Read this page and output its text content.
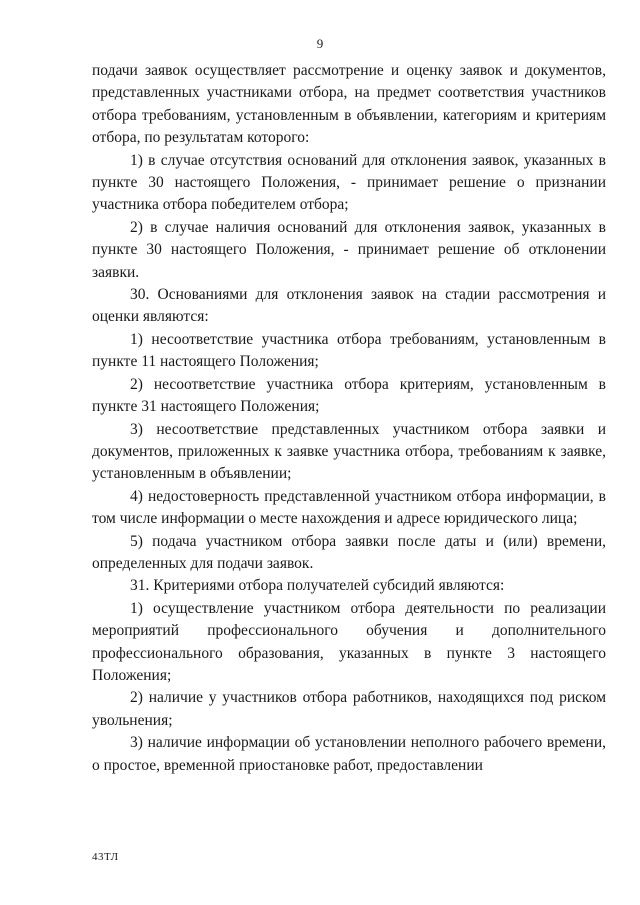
9

подачи заявок осуществляет рассмотрение и оценку заявок и документов, представленных участниками отбора, на предмет соответствия участников отбора требованиям, установленным в объявлении, категориям и критериям отбора, по результатам которого:

1) в случае отсутствия оснований для отклонения заявок, указанных в пункте 30 настоящего Положения, - принимает решение о признании участника отбора победителем отбора;

2) в случае наличия оснований для отклонения заявок, указанных в пункте 30 настоящего Положения, - принимает решение об отклонении заявки.

30. Основаниями для отклонения заявок на стадии рассмотрения и оценки являются:

1) несоответствие участника отбора требованиям, установленным в пункте 11 настоящего Положения;

2) несоответствие участника отбора критериям, установленным в пункте 31 настоящего Положения;

3) несоответствие представленных участником отбора заявки и документов, приложенных к заявке участника отбора, требованиям к заявке, установленным в объявлении;

4) недостоверность представленной участником отбора информации, в том числе информации о месте нахождения и адресе юридического лица;

5) подача участником отбора заявки после даты и (или) времени, определенных для подачи заявок.

31. Критериями отбора получателей субсидий являются:

1) осуществление участником отбора деятельности по реализации мероприятий профессионального обучения и дополнительного профессионального образования, указанных в пункте 3 настоящего Положения;

2) наличие у участников отбора работников, находящихся под риском увольнения;

3) наличие информации об установлении неполного рабочего времени, о простое, временной приостановке работ, предоставлении

43ТЛ
